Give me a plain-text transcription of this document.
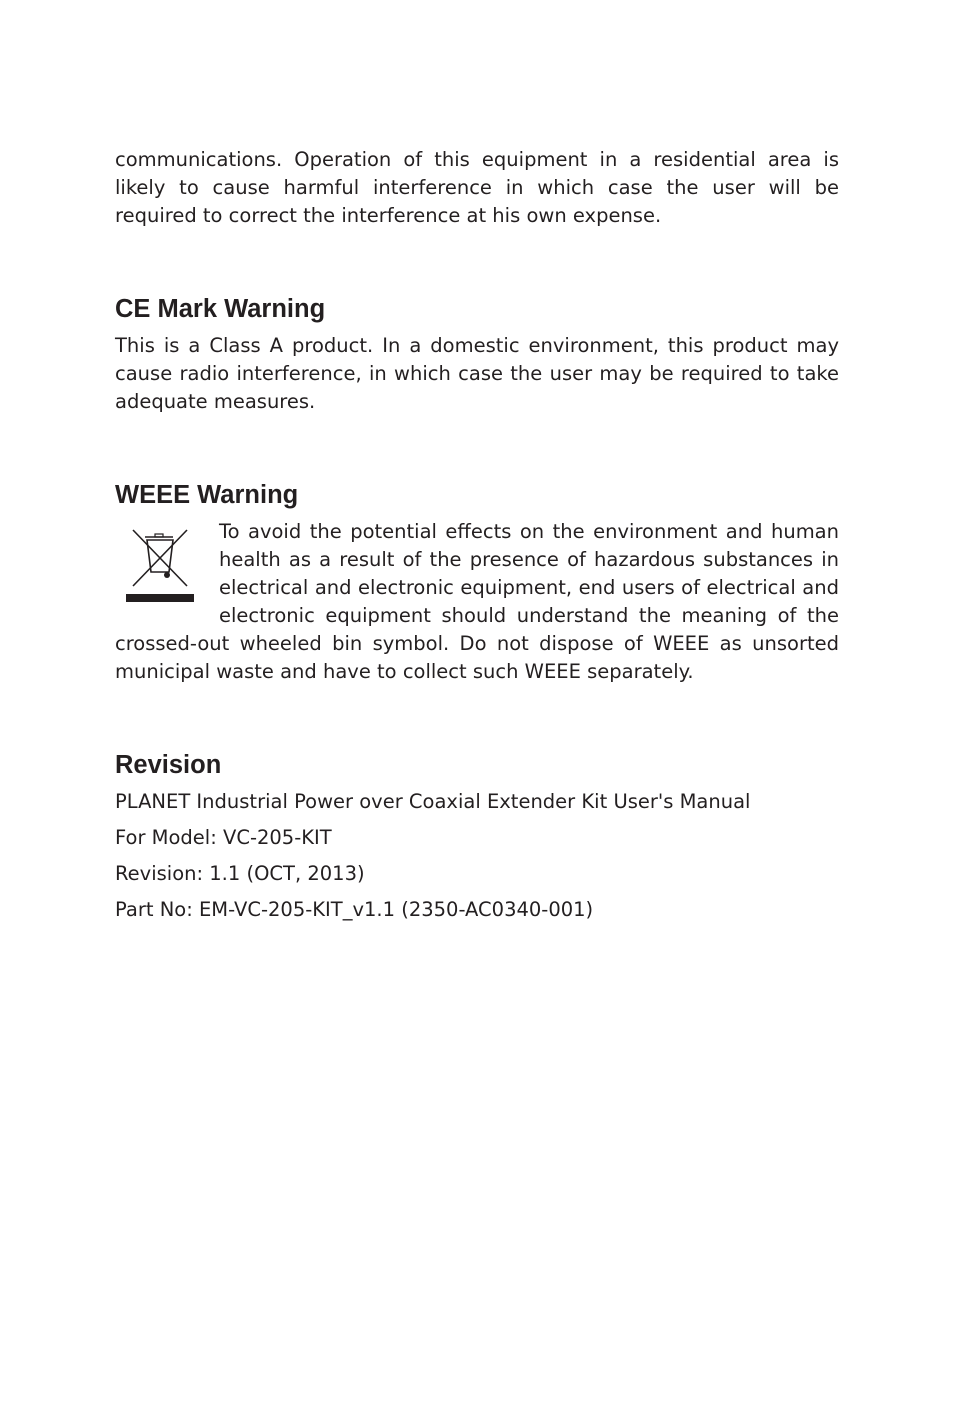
communications. Operation of this equipment in a residential area is likely to cause harmful interference in which case the user will be required to correct the interference at his own expense.

CE Mark Warning

This is a Class A product. In a domestic environment, this product may cause radio interference, in which case the user may be required to take adequate measures.

WEEE Warning

To avoid the potential effects on the environment and human health as a result of the presence of hazardous substances in electrical and electronic equipment, end users of electrical and electronic equipment should understand the meaning of the crossed-out wheeled bin symbol. Do not dispose of WEEE as unsorted municipal waste and have to collect such WEEE separately.

Revision

PLANET Industrial Power over Coaxial Extender Kit User's Manual

For Model: VC-205-KIT

Revision: 1.1 (OCT, 2013)

Part No: EM-VC-205-KIT_v1.1 (2350-AC0340-001)
